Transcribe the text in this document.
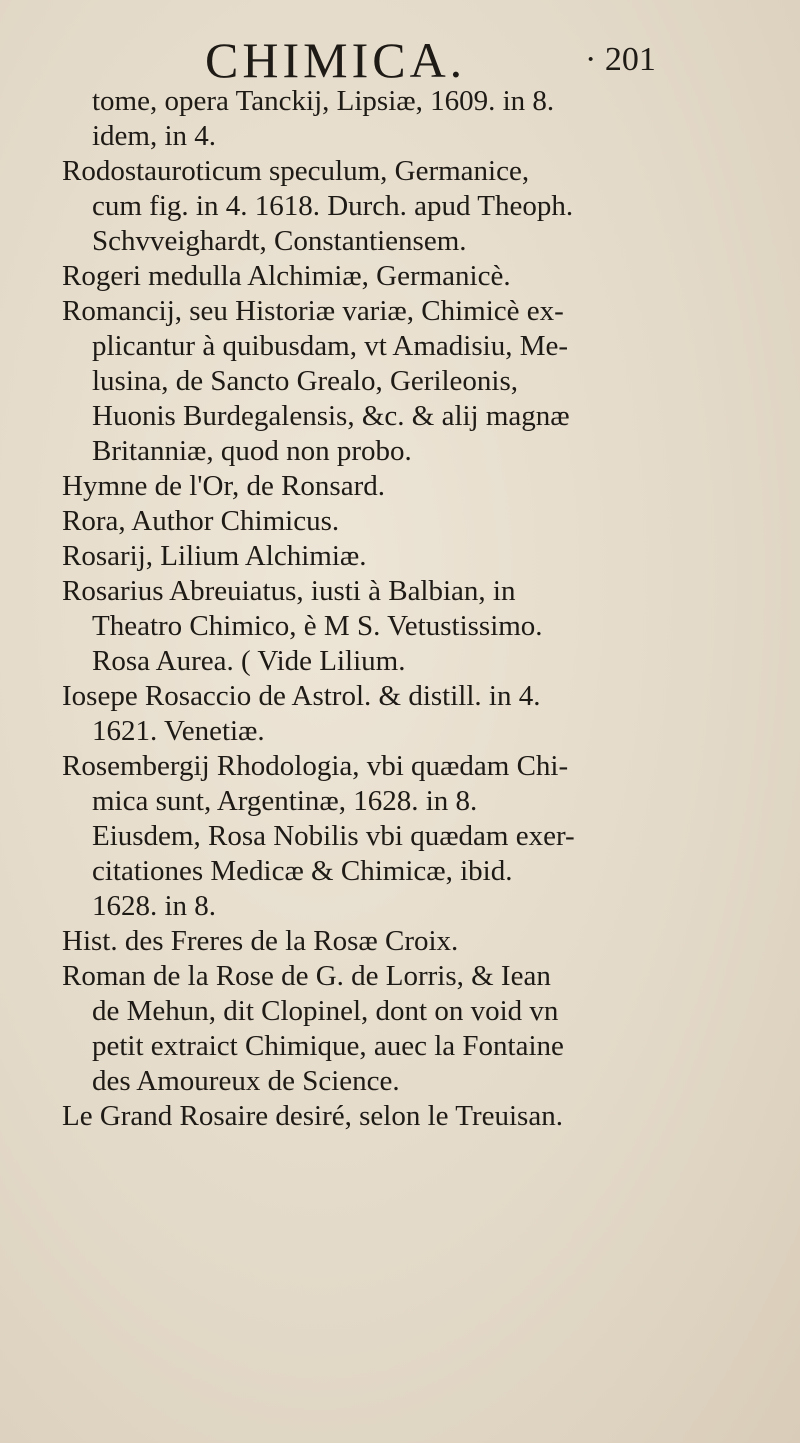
CHIMICA.	· 201
tome, opera Tanckij, Lipsiæ, 1609. in 8.
idem, in 4.
Rodostauroticum speculum, Germanice,
cum fig. in 4. 1618. Durch. apud Theoph.
Schvveighardt, Constantiensem.
Rogeri medulla Alchimiæ, Germanicè.
Romancij, seu Historiæ variæ, Chimicè ex-
plicantur à quibusdam, vt Amadisiu, Me-
lusina, de Sancto Grealo, Gerileonis,
Huonis Burdegalensis, &c. & alij magnæ
Britanniæ, quod non probo.
Hymne de l'Or, de Ronsard.
Rora, Author Chimicus.
Rosarij, Lilium Alchimiæ.
Rosarius Abreuiatus, iusti à Balbian, in
Theatro Chimico, è M S. Vetustissimo.
Rosa Aurea. ( Vide Lilium.
Iosepe Rosaccio de Astrol. & distill. in 4.
1621. Venetiæ.
Rosembergij Rhodologia, vbi quædam Chi-
mica sunt, Argentinæ, 1628. in 8.
Eiusdem, Rosa Nobilis vbi quædam exer-
citationes Medicæ & Chimicæ, ibid.
1628. in 8.
Hist. des Freres de la Rosæ Croix.
Roman de la Rose de G. de Lorris, & Iean
de Mehun, dit Clopinel, dont on void vn
petit extraict Chimique, auec la Fontaine
des Amoureux de Science.
Le Grand Rosaire desiré, selon le Treuisan.
